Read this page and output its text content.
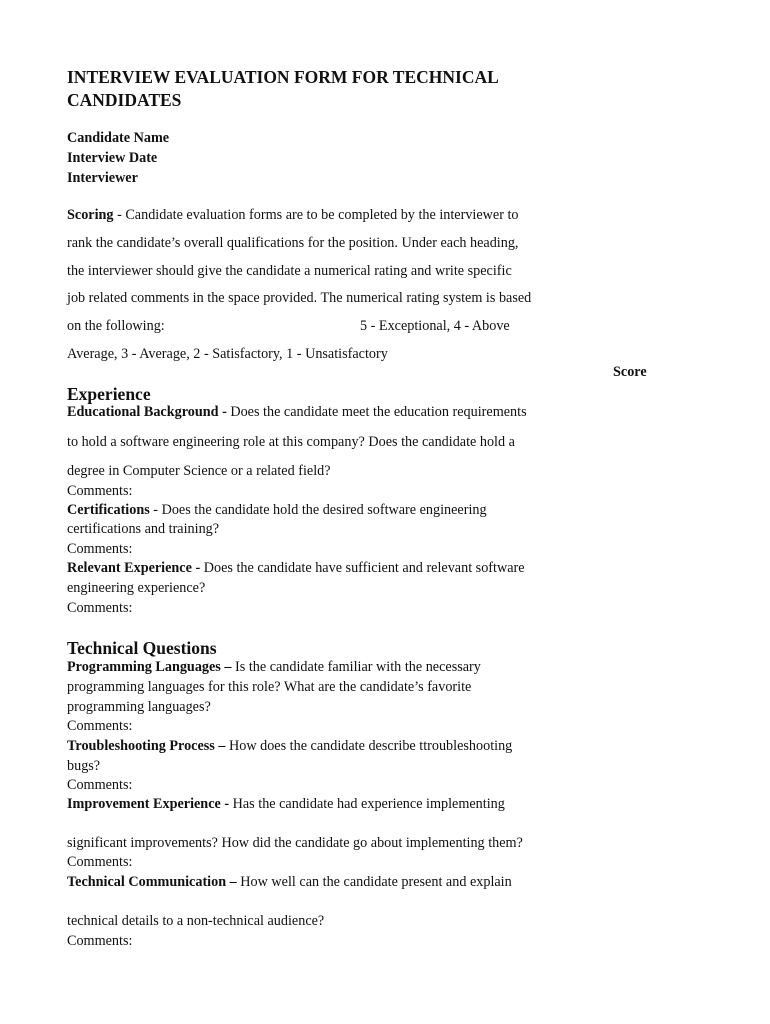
INTERVIEW EVALUATION FORM FOR TECHNICAL CANDIDATES
Candidate Name
Interview Date
Interviewer
Scoring - Candidate evaluation forms are to be completed by the interviewer to
rank the candidate’s overall qualifications for the position. Under each heading,
the interviewer should give the candidate a numerical rating and write specific
job related comments in the space provided. The numerical rating system is based
on the following:	5 - Exceptional, 4 - Above
Average, 3 - Average, 2 - Satisfactory, 1 - Unsatisfactory
Score
Experience
Educational Background - Does the candidate meet the education requirements
to hold a software engineering role at this company? Does the candidate hold a
degree in Computer Science or a related field?
Comments:
Certifications - Does the candidate hold the desired software engineering
certifications and training?
Comments:
Relevant Experience - Does the candidate have sufficient and relevant software
engineering experience?
Comments:
Technical Questions
Programming Languages – Is the candidate familiar with the necessary
programming languages for this role? What are the candidate’s favorite
programming languages?
Comments:
Troubleshooting Process – How does the candidate describe ttroubleshooting
bugs?
Comments:
Improvement Experience - Has the candidate had experience implementing
significant improvements? How did the candidate go about implementing them?
Comments:
Technical Communication – How well can the candidate present and explain
technical details to a non-technical audience?
Comments:
